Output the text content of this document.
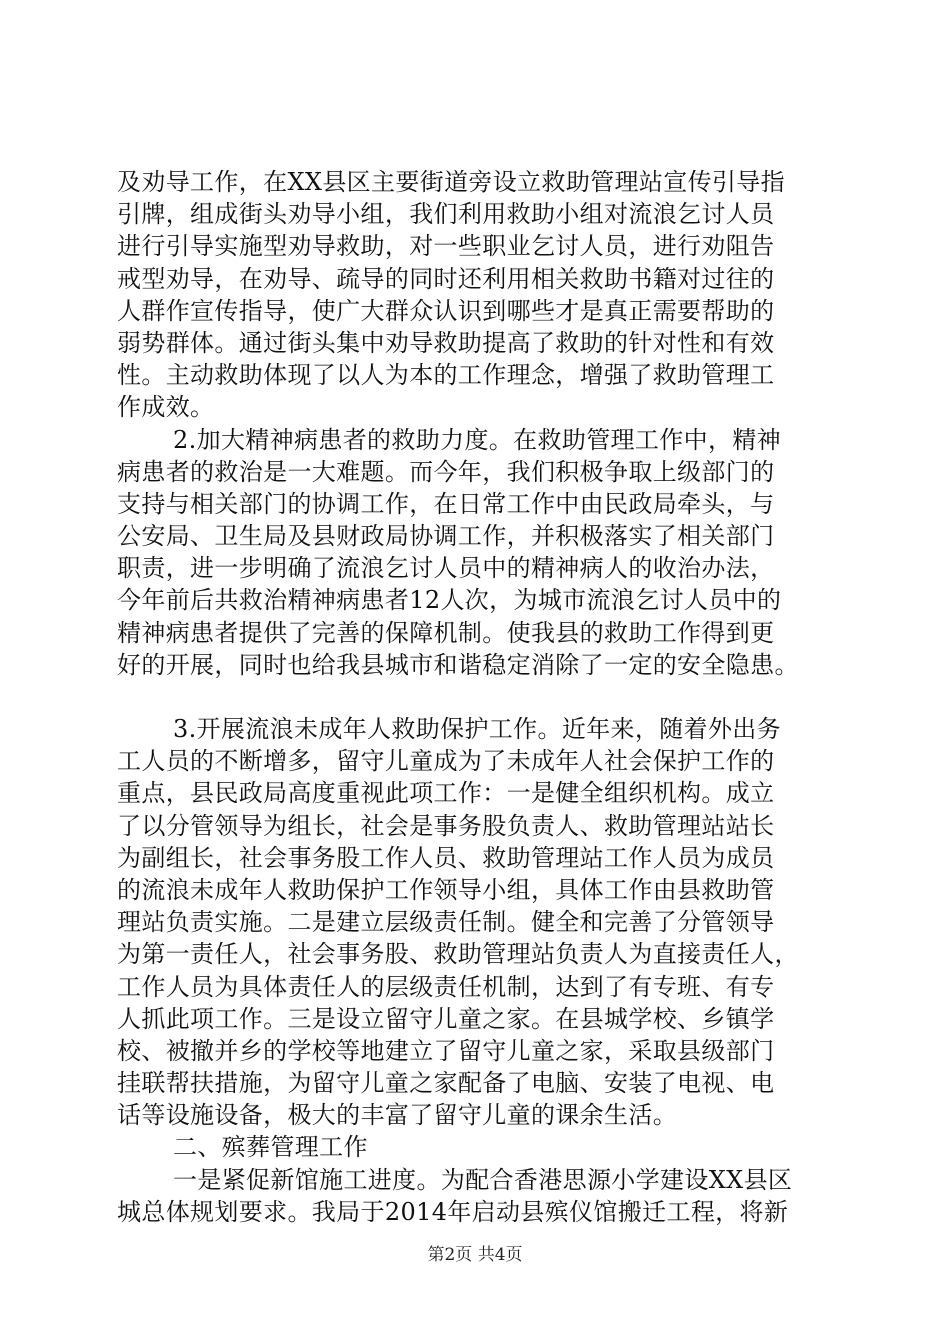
及劝导工作，在XX县区主要街道旁设立救助管理站宣传引导指
引牌，组成街头劝导小组，我们利用救助小组对流浪乞讨人员
进行引导实施型劝导救助，对一些职业乞讨人员，进行劝阻告
戒型劝导，在劝导、疏导的同时还利用相关救助书籍对过往的
人群作宣传指导，使广大群众认识到哪些才是真正需要帮助的
弱势群体。通过街头集中劝导救助提高了救助的针对性和有效
性。主动救助体现了以人为本的工作理念，增强了救助管理工
作成效。
2.加大精神病患者的救助力度。在救助管理工作中，精神
病患者的救治是一大难题。而今年，我们积极争取上级部门的
支持与相关部门的协调工作，在日常工作中由民政局牵头，与
公安局、卫生局及县财政局协调工作，并积极落实了相关部门
职责，进一步明确了流浪乞讨人员中的精神病人的收治办法，
今年前后共救治精神病患者12人次，为城市流浪乞讨人员中的
精神病患者提供了完善的保障机制。使我县的救助工作得到更
好的开展，同时也给我县城市和谐稳定消除了一定的安全隐患。
3.开展流浪未成年人救助保护工作。近年来，随着外出务
工人员的不断增多，留守儿童成为了未成年人社会保护工作的
重点，县民政局高度重视此项工作：一是健全组织机构。成立
了以分管领导为组长，社会是事务股负责人、救助管理站站长
为副组长，社会事务股工作人员、救助管理站工作人员为成员
的流浪未成年人救助保护工作领导小组，具体工作由县救助管
理站负责实施。二是建立层级责任制。健全和完善了分管领导
为第一责任人，社会事务股、救助管理站负责人为直接责任人，
工作人员为具体责任人的层级责任机制，达到了有专班、有专
人抓此项工作。三是设立留守儿童之家。在县城学校、乡镇学
校、被撤并乡的学校等地建立了留守儿童之家，采取县级部门
挂联帮扶措施，为留守儿童之家配备了电脑、安装了电视、电
话等设施设备，极大的丰富了留守儿童的课余生活。
二、殡葬管理工作
一是紧促新馆施工进度。为配合香港思源小学建设XX县区
城总体规划要求。我局于2014年启动县殡仪馆搬迁工程，将新
第2页 共4页
